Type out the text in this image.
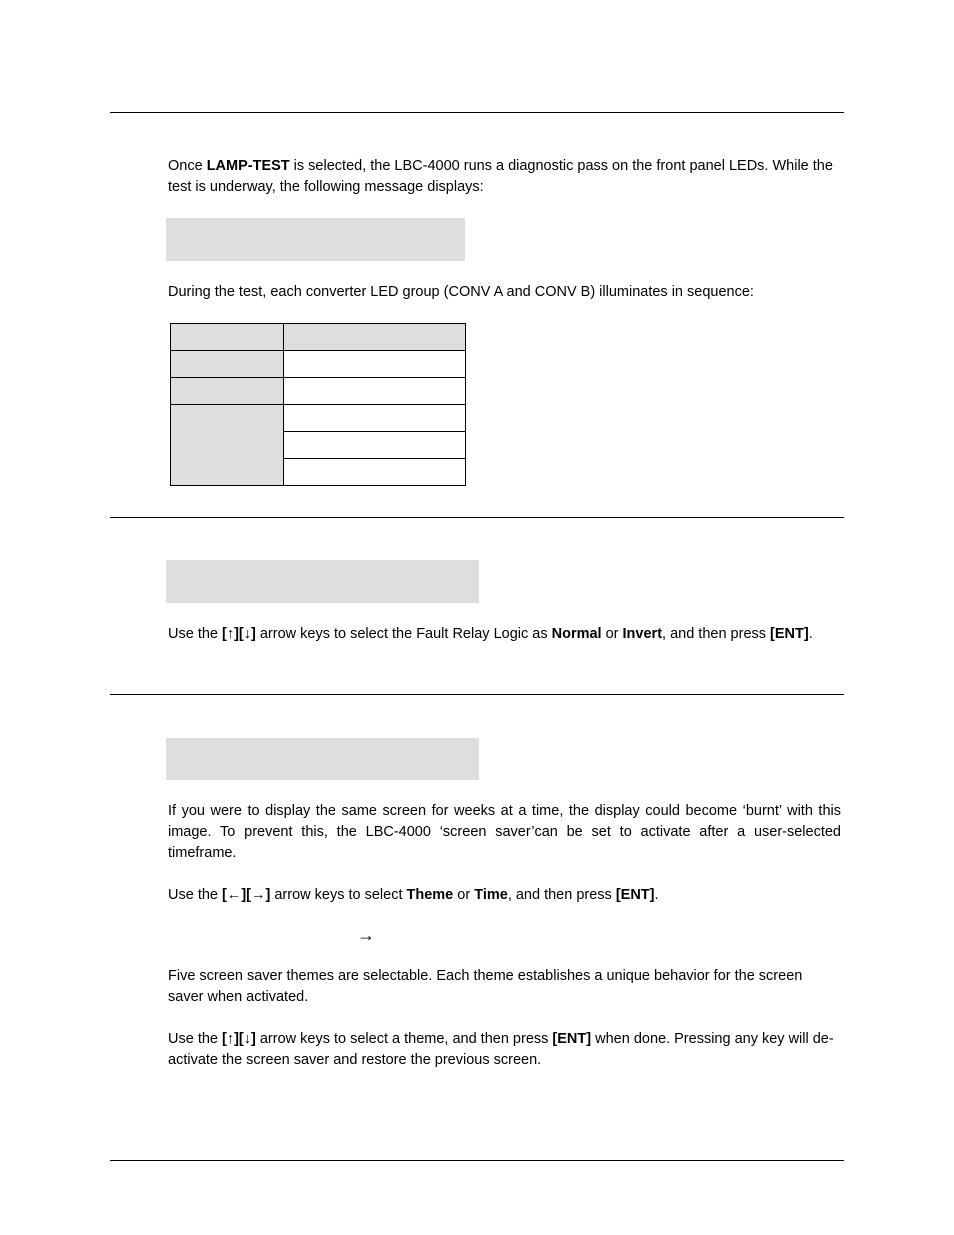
Once LAMP-TEST is selected, the LBC-4000 runs a diagnostic pass on the front panel LEDs. While the test is underway, the following message displays:

During the test, each converter LED group (CONV A and CONV B) illuminates in sequence:

Use the [↑][↓] arrow keys to select the Fault Relay Logic as Normal or Invert, and then press [ENT].

If you were to display the same screen for weeks at a time, the display could become ‘burnt’ with this image. To prevent this, the LBC-4000 ‘screen saver’can be set to activate after a user-selected timeframe.

Use the [←][→] arrow keys to select Theme or Time, and then press [ENT].

→

Five screen saver themes are selectable. Each theme establishes a unique behavior for the screen saver when activated.

Use the [↑][↓] arrow keys to select a theme, and then press [ENT] when done. Pressing any key will de-activate the screen saver and restore the previous screen.
